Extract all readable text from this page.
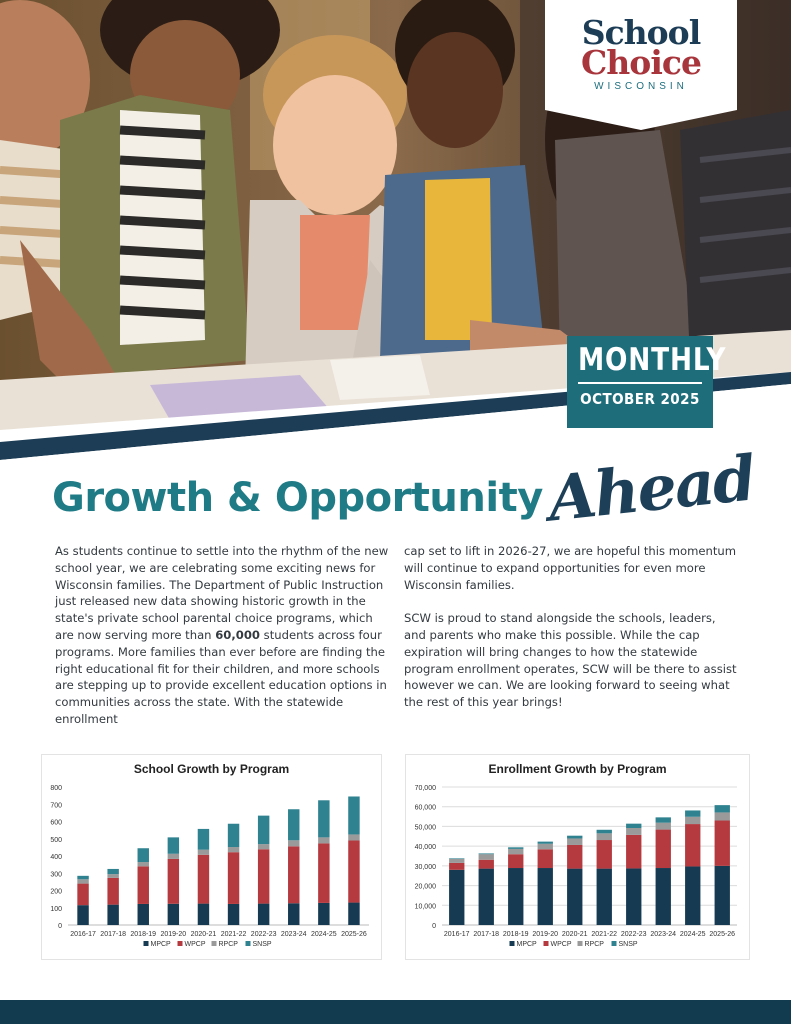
School
Choice
WISCONSIN
MONTHLY
OCTOBER 2025
Growth & Opportunity Ahead

As students continue to settle into the rhythm of the new school year, we are celebrating some exciting news for Wisconsin families. The Department of Public Instruction just released new data showing historic growth in the state's private school parental choice programs, which are now serving more than 60,000 students across four programs. More families than ever before are finding the right educational fit for their children, and more schools are stepping up to provide excellent education options in communities across the state. With the statewide enrollment

cap set to lift in 2026-27, we are hopeful this momentum will continue to expand opportunities for even more Wisconsin families.

SCW is proud to stand alongside the schools, leaders, and parents who make this possible. While the cap expiration will bring changes to how the statewide program enrollment operates, SCW will be there to assist however we can. We are looking forward to seeing what the rest of this year brings!

School Growth by Program
0
100
200
300
400
500
600
700
800
2016-17 2017-18 2018-19 2019-20 2020-21 2021-22 2022-23 2023-24 2024-25 2025-26
MPCP WPCP RPCP SNSP
Enrollment Growth by Program
0
10,000
20,000
30,000
40,000
50,000
60,000
70,000
2016-17 2017-18 2018-19 2019-20 2020-21 2021-22 2022-23 2023-24 2024-25 2025-26
MPCP WPCP RPCP SNSP
